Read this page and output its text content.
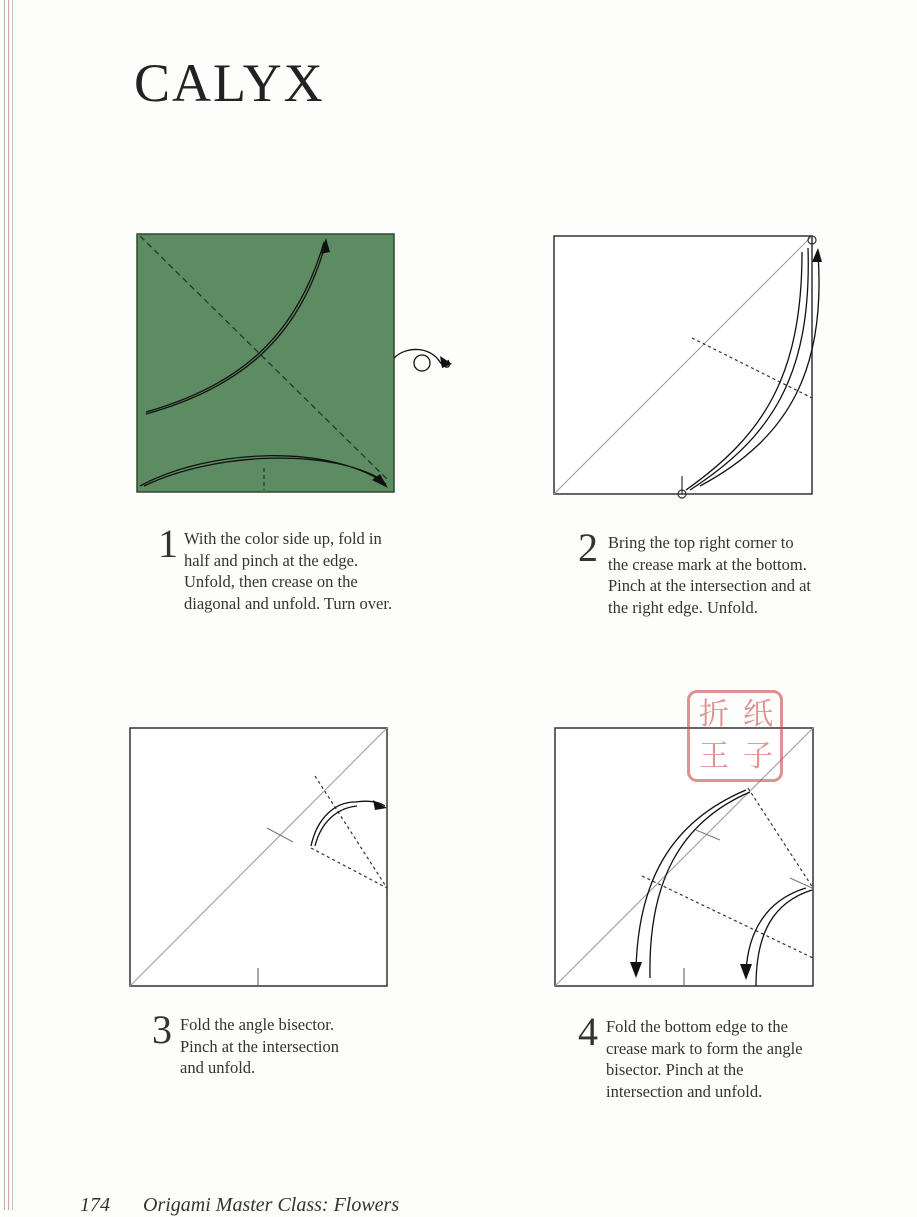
CALYX
折 纸
王 子
1 With the color side up, fold in half and pinch at the edge. Unfold, then crease on the diagonal and unfold. Turn over.

2 Bring the top right corner to the crease mark at the bottom. Pinch at the intersection and at the right edge. Unfold.

3 Fold the angle bisector. Pinch at the intersection and unfold.

4 Fold the bottom edge to the crease mark to form the angle bisector. Pinch at the intersection and unfold.

174 Origami Master Class: Flowers
